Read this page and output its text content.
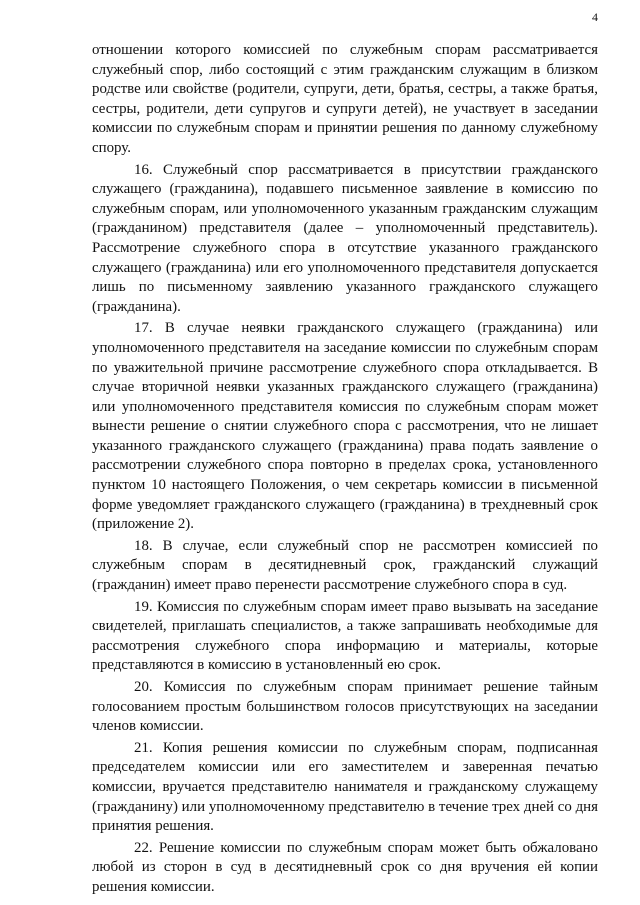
4

отношении которого комиссией по служебным спорам рассматривается служебный спор, либо состоящий с этим гражданским служащим в близком родстве или свойстве (родители, супруги, дети, братья, сестры, а также братья, сестры, родители, дети супругов и супруги детей), не участвует в заседании комиссии по служебным спорам и принятии решения по данному служебному спору.

16. Служебный спор рассматривается в присутствии гражданского служащего (гражданина), подавшего письменное заявление в комиссию по служебным спорам, или уполномоченного указанным гражданским служащим (гражданином) представителя (далее – уполномоченный представитель). Рассмотрение служебного спора в отсутствие указанного гражданского служащего (гражданина) или его уполномоченного представителя допускается лишь по письменному заявлению указанного гражданского служащего (гражданина).

17. В случае неявки гражданского служащего (гражданина) или уполномоченного представителя на заседание комиссии по служебным спорам по уважительной причине рассмотрение служебного спора откладывается. В случае вторичной неявки указанных гражданского служащего (гражданина) или уполномоченного представителя комиссия по служебным спорам может вынести решение о снятии служебного спора с рассмотрения, что не лишает указанного гражданского служащего (гражданина) права подать заявление о рассмотрении служебного спора повторно в пределах срока, установленного пунктом 10 настоящего Положения, о чем секретарь комиссии в письменной форме уведомляет гражданского служащего (гражданина) в трехдневный срок (приложение 2).

18. В случае, если служебный спор не рассмотрен комиссией по служебным спорам в десятидневный срок, гражданский служащий (гражданин) имеет право перенести рассмотрение служебного спора в суд.

19. Комиссия по служебным спорам имеет право вызывать на заседание свидетелей, приглашать специалистов, а также запрашивать необходимые для рассмотрения служебного спора информацию и материалы, которые представляются в комиссию в установленный ею срок.

20. Комиссия по служебным спорам принимает решение тайным голосованием простым большинством голосов присутствующих на заседании членов комиссии.

21. Копия решения комиссии по служебным спорам, подписанная председателем комиссии или его заместителем и заверенная печатью комиссии, вручается представителю нанимателя и гражданскому служащему (гражданину) или уполномоченному представителю в течение трех дней со дня принятия решения.

22. Решение комиссии по служебным спорам может быть обжаловано любой из сторон в суд в десятидневный срок со дня вручения ей копии решения комиссии.
